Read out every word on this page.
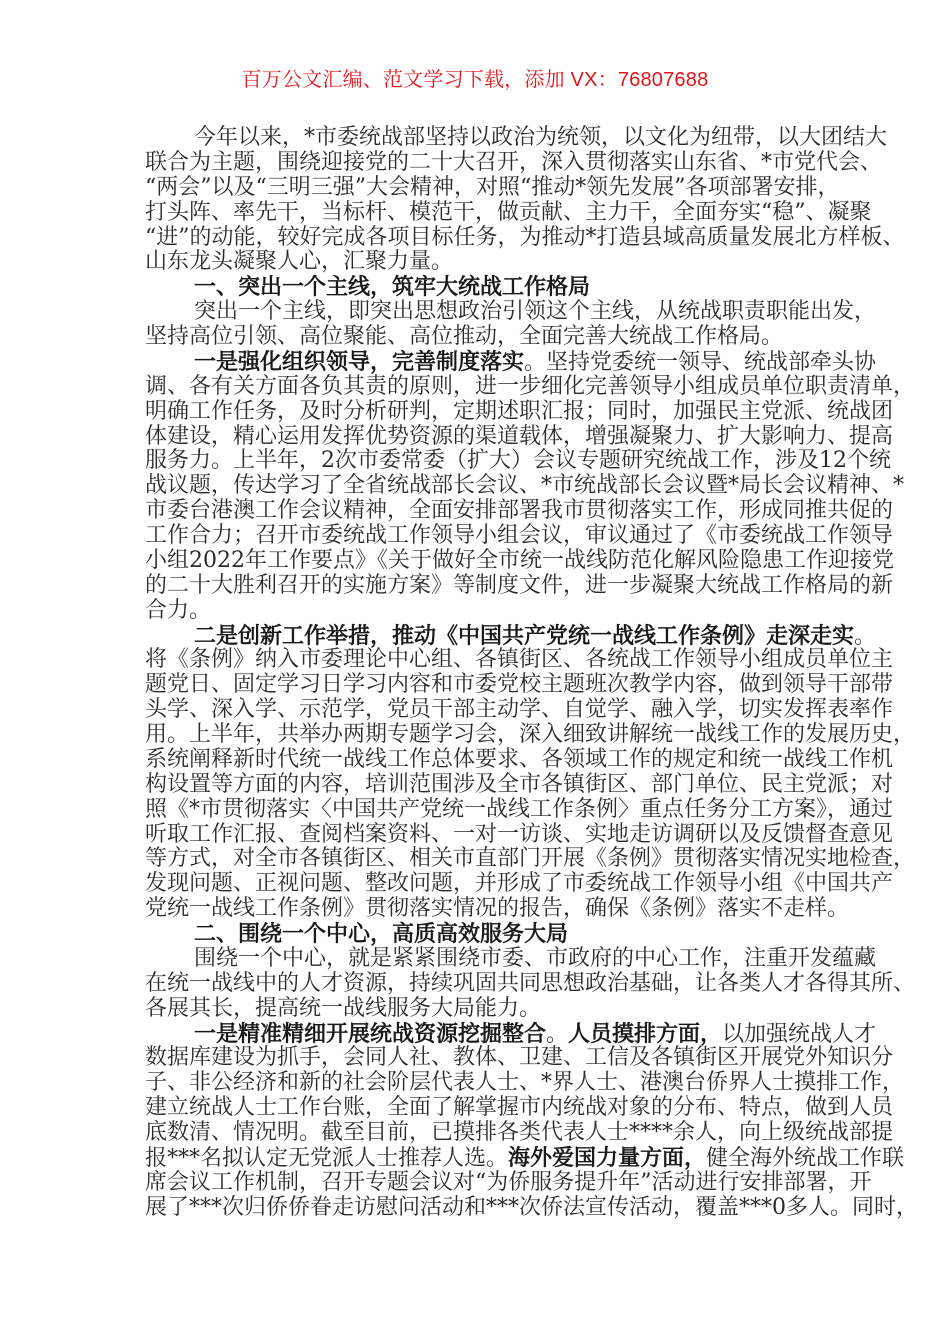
百万公文汇编、范文学习下载，添加 VX：76807688
今年以来，*市委统战部坚持以政治为统领，以文化为纽带，以大团结大
联合为主题，围绕迎接党的二十大召开，深入贯彻落实山东省、*市党代会、
“两会”以及“三明三强”大会精神，对照“推动*领先发展”各项部署安排，
打头阵、率先干，当标杆、模范干，做贡献、主力干，全面夯实“稳”、凝聚
“进”的动能，较好完成各项目标任务，为推动*打造县域高质量发展北方样板、
山东龙头凝聚人心，汇聚力量。
一、突出一个主线，筑牢大统战工作格局
突出一个主线，即突出思想政治引领这个主线，从统战职责职能出发，
坚持高位引领、高位聚能、高位推动，全面完善大统战工作格局。
一是强化组织领导，完善制度落实。坚持党委统一领导、统战部牵头协
调、各有关方面各负其责的原则，进一步细化完善领导小组成员单位职责清单，
明确工作任务，及时分析研判，定期述职汇报；同时，加强民主党派、统战团
体建设，精心运用发挥优势资源的渠道载体，增强凝聚力、扩大影响力、提高
服务力。上半年，2次市委常委（扩大）会议专题研究统战工作，涉及12个统
战议题，传达学习了全省统战部长会议、*市统战部长会议暨*局长会议精神、*
市委台港澳工作会议精神，全面安排部署我市贯彻落实工作，形成同推共促的
工作合力；召开市委统战工作领导小组会议，审议通过了《市委统战工作领导
小组2022年工作要点》《关于做好全市统一战线防范化解风险隐患工作迎接党
的二十大胜利召开的实施方案》等制度文件，进一步凝聚大统战工作格局的新
合力。
二是创新工作举措，推动《中国共产党统一战线工作条例》走深走实。
将《条例》纳入市委理论中心组、各镇街区、各统战工作领导小组成员单位主
题党日、固定学习日学习内容和市委党校主题班次教学内容，做到领导干部带
头学、深入学、示范学，党员干部主动学、自觉学、融入学，切实发挥表率作
用。上半年，共举办两期专题学习会，深入细致讲解统一战线工作的发展历史，
系统阐释新时代统一战线工作总体要求、各领域工作的规定和统一战线工作机
构设置等方面的内容，培训范围涉及全市各镇街区、部门单位、民主党派；对
照《*市贯彻落实〈中国共产党统一战线工作条例〉重点任务分工方案》，通过
听取工作汇报、查阅档案资料、一对一访谈、实地走访调研以及反馈督查意见
等方式，对全市各镇街区、相关市直部门开展《条例》贯彻落实情况实地检查，
发现问题、正视问题、整改问题，并形成了市委统战工作领导小组《中国共产
党统一战线工作条例》贯彻落实情况的报告，确保《条例》落实不走样。
二、围绕一个中心，高质高效服务大局
围绕一个中心，就是紧紧围绕市委、市政府的中心工作，注重开发蕴藏
在统一战线中的人才资源，持续巩固共同思想政治基础，让各类人才各得其所、
各展其长，提高统一战线服务大局能力。
一是精准精细开展统战资源挖掘整合。人员摸排方面，以加强统战人才
数据库建设为抓手，会同人社、教体、卫建、工信及各镇街区开展党外知识分
子、非公经济和新的社会阶层代表人士、*界人士、港澳台侨界人士摸排工作，
建立统战人士工作台账，全面了解掌握市内统战对象的分布、特点，做到人员
底数清、情况明。截至目前，已摸排各类代表人士****余人，向上级统战部提
报***名拟认定无党派人士推荐人选。海外爱国力量方面，健全海外统战工作联
席会议工作机制，召开专题会议对“为侨服务提升年”活动进行安排部署，开
展了***次归侨侨眷走访慰问活动和***次侨法宣传活动，覆盖***0多人。同时，
